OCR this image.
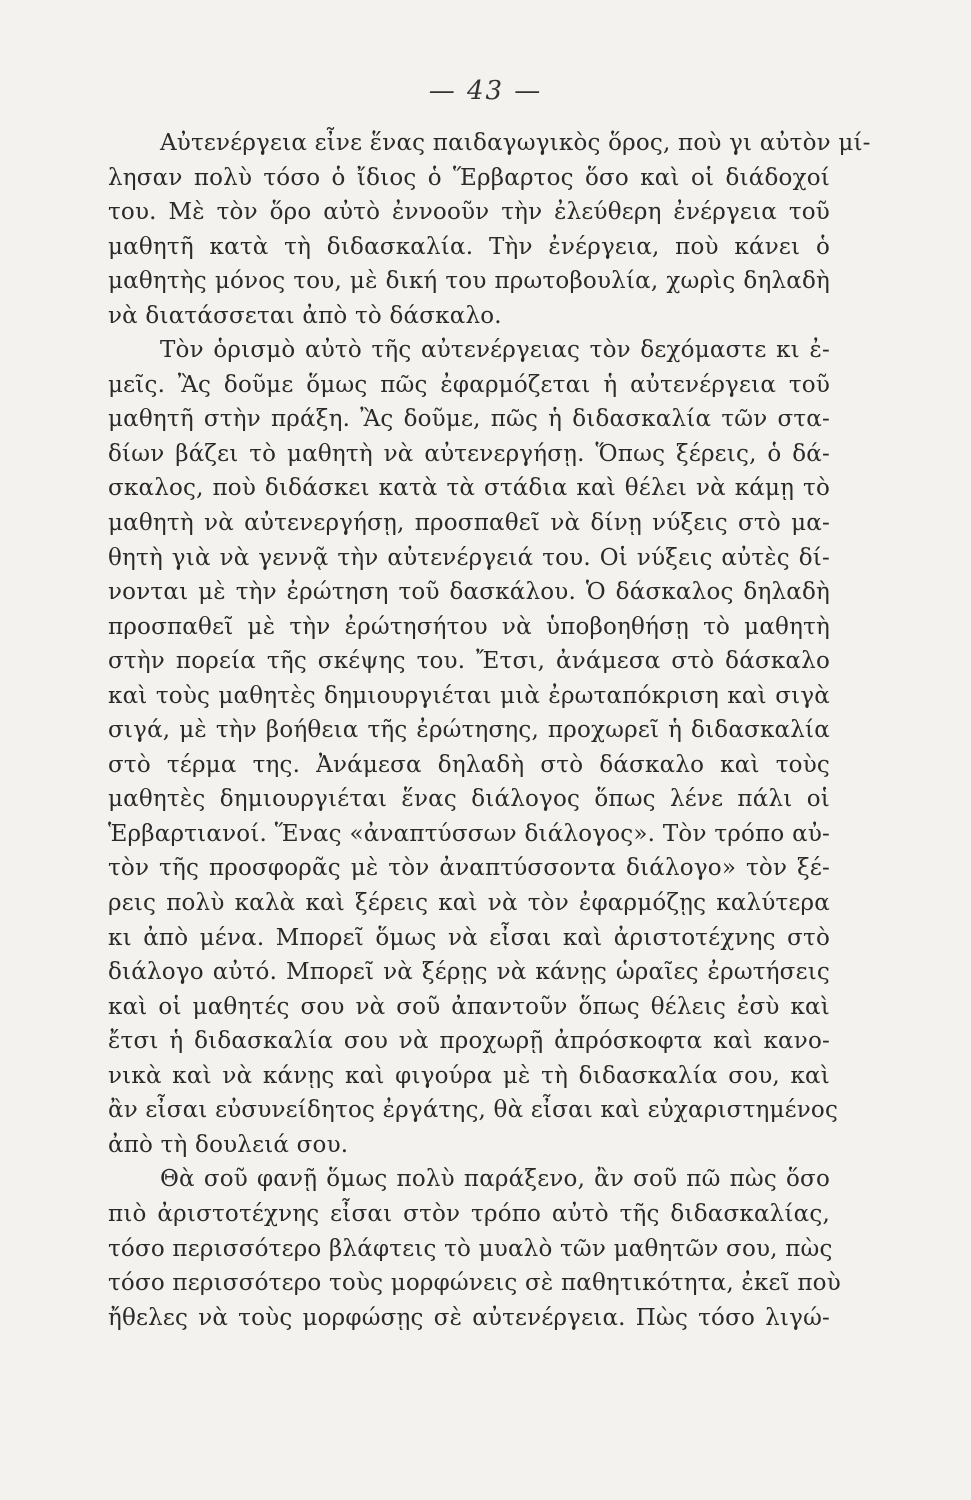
— 43 —
Αὐτενέργεια εἶνε ἕνας παιδαγωγικὸς ὅρος, ποὺ γι αὐτὸν μί-
λησαν πολὺ τόσο ὁ ἴδιος ὁ Ἕρβαρτος ὅσο καὶ οἱ διάδοχοί
του. Μὲ τὸν ὅρο αὐτὸ ἐννοοῦν τὴν ἐλεύθερη ἐνέργεια τοῦ
μαθητῆ κατὰ τὴ διδασκαλία. Τὴν ἐνέργεια, ποὺ κάνει ὁ
μαθητὴς μόνος του, μὲ δική του πρωτοβουλία, χωρὶς δηλαδὴ
νὰ διατάσσεται ἀπὸ τὸ δάσκαλο.
Τὸν ὁρισμὸ αὐτὸ τῆς αὐτενέργειας τὸν δεχόμαστε κι ἐ-
μεῖς. Ἂς δοῦμε ὅμως πῶς ἐφαρμόζεται ἡ αὐτενέργεια τοῦ
μαθητῆ στὴν πράξη. Ἂς δοῦμε, πῶς ἡ διδασκαλία τῶν στα-
δίων βάζει τὸ μαθητὴ νὰ αὐτενεργήσῃ. Ὅπως ξέρεις, ὁ δά-
σκαλος, ποὺ διδάσκει κατὰ τὰ στάδια καὶ θέλει νὰ κάμῃ τὸ
μαθητὴ νὰ αὐτενεργήσῃ, προσπαθεῖ νὰ δίνῃ νύξεις στὸ μα-
θητὴ γιὰ νὰ γεννᾷ τὴν αὐτενέργειά του. Οἱ νύξεις αὐτὲς δί-
νονται μὲ τὴν ἐρώτηση τοῦ δασκάλου. Ὁ δάσκαλος δηλαδὴ
προσπαθεῖ μὲ τὴν ἐρώτησήτου νὰ ὑποβοηθήσῃ τὸ μαθητὴ
στὴν πορεία τῆς σκέψης του. Ἔτσι, ἀνάμεσα στὸ δάσκαλο
καὶ τοὺς μαθητὲς δημιουργιέται μιὰ ἐρωταπόκριση καὶ σιγὰ
σιγά, μὲ τὴν βοήθεια τῆς ἐρώτησης, προχωρεῖ ἡ διδασκαλία
στὸ τέρμα της. Ἀνάμεσα δηλαδὴ στὸ δάσκαλο καὶ τοὺς
μαθητὲς δημιουργιέται ἕνας διάλογος ὅπως λένε πάλι οἱ
Ἑρβαρτιανοί. Ἕνας «ἀναπτύσσων διάλογος». Τὸν τρόπο αὐ-
τὸν τῆς προσφορᾶς μὲ τὸν ἀναπτύσσοντα διάλογο» τὸν ξέ-
ρεις πολὺ καλὰ καὶ ξέρεις καὶ νὰ τὸν ἐφαρμόζῃς καλύτερα
κι ἀπὸ μένα. Μπορεῖ ὅμως νὰ εἶσαι καὶ ἀριστοτέχνης στὸ
διάλογο αὐτό. Μπορεῖ νὰ ξέρῃς νὰ κάνῃς ὡραῖες ἐρωτήσεις
καὶ οἱ μαθητές σου νὰ σοῦ ἀπαντοῦν ὅπως θέλεις ἐσὺ καὶ
ἔτσι ἡ διδασκαλία σου νὰ προχωρῇ ἀπρόσκοφτα καὶ κανο-
νικὰ καὶ νὰ κάνῃς καὶ φιγούρα μὲ τὴ διδασκαλία σου, καὶ
ἂν εἶσαι εὐσυνείδητος ἐργάτης, θὰ εἶσαι καὶ εὐχαριστημένος
ἀπὸ τὴ δουλειά σου.
Θὰ σοῦ φανῇ ὅμως πολὺ παράξενο, ἂν σοῦ πῶ πὼς ὅσο
πιὸ ἀριστοτέχνης εἶσαι στὸν τρόπο αὐτὸ τῆς διδασκαλίας,
τόσο περισσότερο βλάφτεις τὸ μυαλὸ τῶν μαθητῶν σου, πὼς
τόσο περισσότερο τοὺς μορφώνεις σὲ παθητικότητα, ἐκεῖ ποὺ
ἤθελες νὰ τοὺς μορφώσῃς σὲ αὐτενέργεια. Πὼς τόσο λιγώ-
